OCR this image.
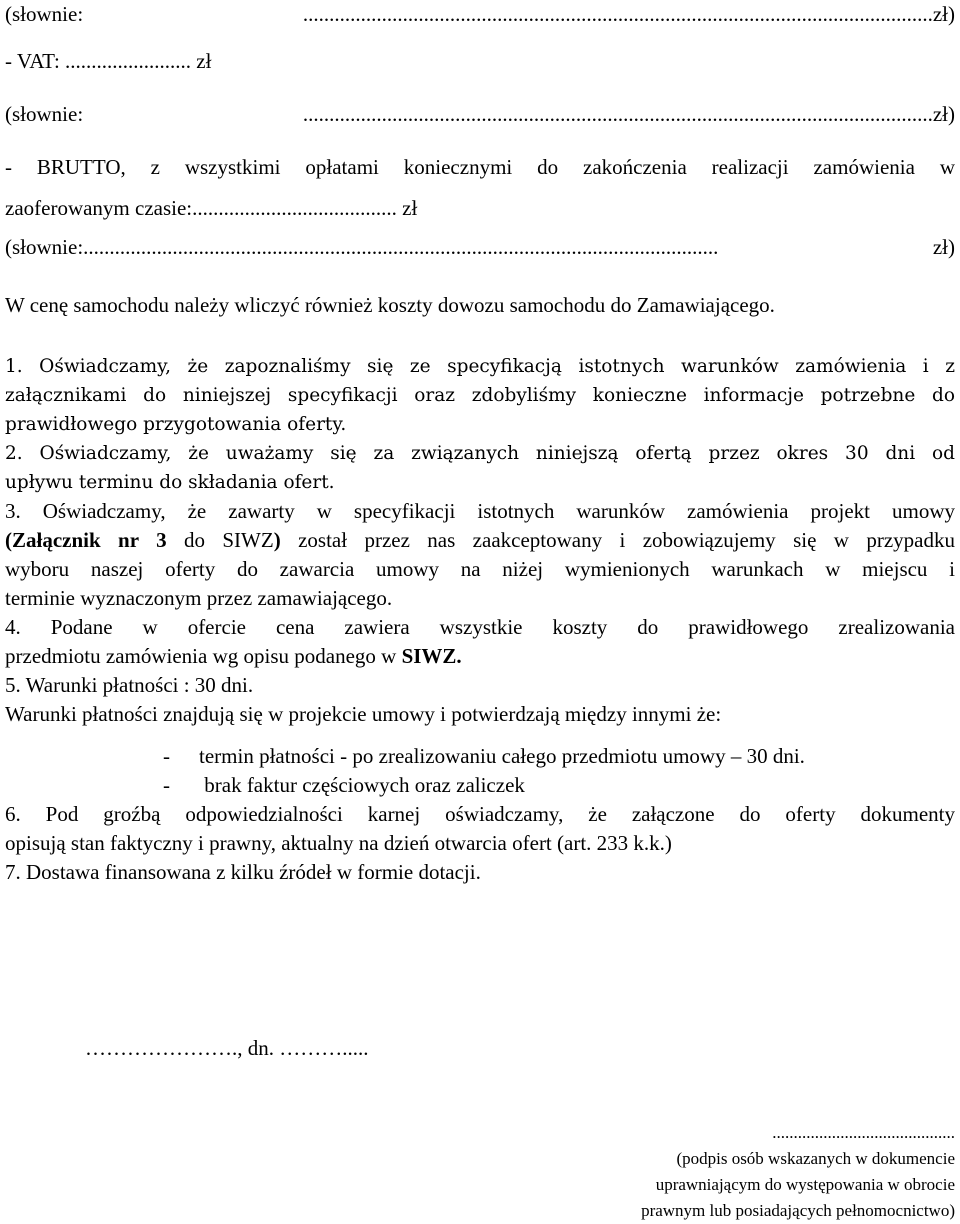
(słownie: ........................................................................................................................zł)
- VAT: ........................ zł
(słownie: ........................................................................................................................zł)
- BRUTTO, z wszystkimi opłatami koniecznymi do zakończenia realizacji zamówienia w
zaoferowanym czasie:....................................... zł
(słownie:......................................................................................................................... zł)
W cenę samochodu należy wliczyć również koszty dowozu samochodu do Zamawiającego.
1. Oświadczamy, że zapoznaliśmy się ze specyfikacją istotnych warunków zamówienia i z
załącznikami do niniejszej specyfikacji oraz zdobyliśmy konieczne informacje potrzebne do
prawidłowego przygotowania oferty.
2. Oświadczamy, że uważamy się za związanych niniejszą ofertą przez okres 30 dni od
upływu terminu do składania ofert.
3. Oświadczamy, że zawarty w specyfikacji istotnych warunków zamówienia projekt umowy
(Załącznik nr 3 do SIWZ) został przez nas zaakceptowany i zobowiązujemy się w przypadku
wyboru naszej oferty do zawarcia umowy na niżej wymienionych warunkach w miejscu i
terminie wyznaczonym przez zamawiającego.
4. Podane w ofercie cena zawiera wszystkie koszty do prawidłowego zrealizowania
przedmiotu zamówienia wg opisu podanego w SIWZ.
5. Warunki płatności : 30 dni.
Warunki płatności znajdują się w projekcie umowy i potwierdzają między innymi że:
- termin płatności - po zrealizowaniu całego przedmiotu umowy – 30 dni.
- brak faktur częściowych oraz zaliczek
6. Pod groźbą odpowiedzialności karnej oświadczamy, że załączone do oferty dokumenty
opisują stan faktyczny i prawny, aktualny na dzień otwarcia ofert (art. 233 k.k.)
7. Dostawa finansowana z kilku źródeł w formie dotacji.
…………………., dn. ……….....
...........................................
(podpis osób wskazanych w dokumencie
uprawniającym do występowania w obrocie
prawnym lub posiadających pełnomocnictwo)
